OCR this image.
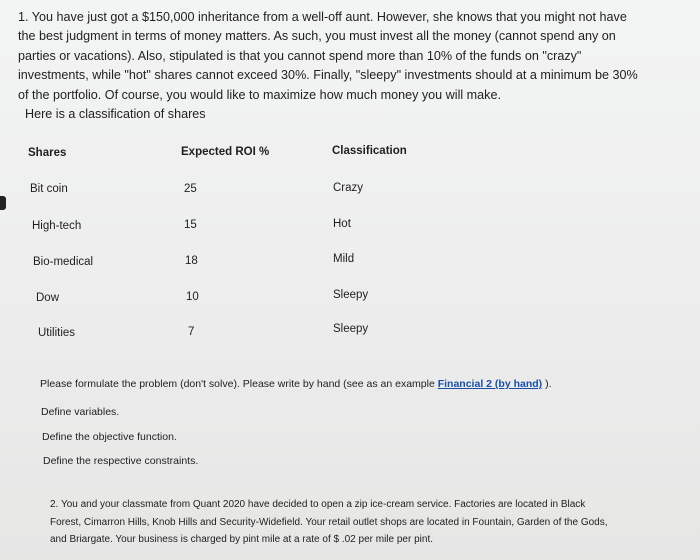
1. You have just got a $150,000 inheritance from a well-off aunt. However, she knows that you might not have the best judgment in terms of money matters. As such, you must invest all the money (cannot spend any on parties or vacations). Also, stipulated is that you cannot spend more than 10% of the funds on "crazy" investments, while "hot" shares cannot exceed 30%. Finally, "sleepy" investments should at a minimum be 30% of the portfolio. Of course, you would like to maximize how much money you will make.
Here is a classification of shares
Shares	Expected ROI %	Classification
Bit coin	25	Crazy
High-tech	15	Hot
Bio-medical	18	Mild
Dow	10	Sleepy
Utilities	7	Sleepy
Please formulate the problem (don't solve). Please write by hand (see as an example Financial 2 (by hand) ).
Define variables.
Define the objective function.
Define the respective constraints.
2. You and your classmate from Quant 2020 have decided to open a zip ice-cream service. Factories are located in Black Forest, Cimarron Hills, Knob Hills and Security-Widefield. Your retail outlet shops are located in Fountain, Garden of the Gods, and Briargate. Your business is charged by pint mile at a rate of $ .02 per mile per pint.
